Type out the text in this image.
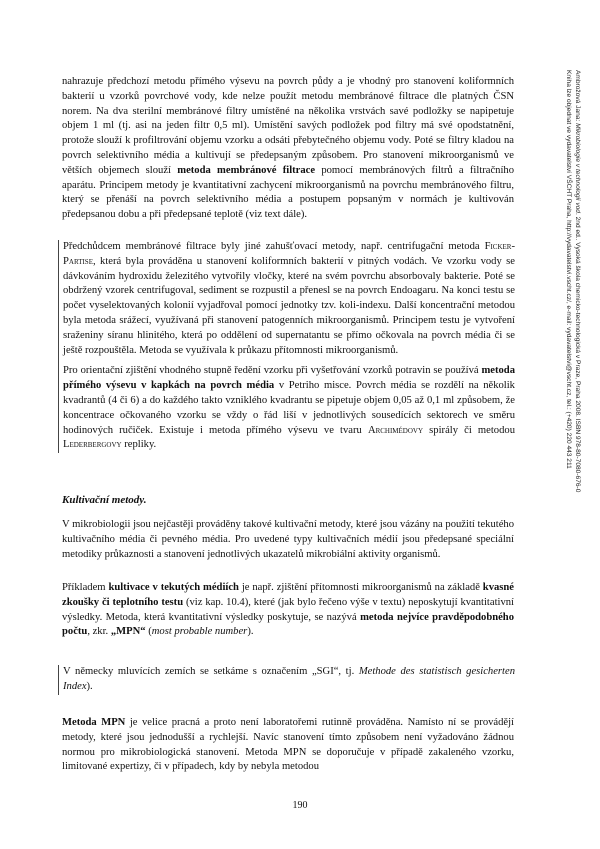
nahrazuje předchozí metodu přímého výsevu na povrch půdy a je vhodný pro stanovení koliformních bakterií u vzorků povrchové vody, kde nelze použít metodu membránové filtrace dle platných ČSN norem. Na dva sterilní membránové filtry umístěné na několika vrstvách savé podložky se napipetuje objem 1 ml (tj. asi na jeden filtr 0,5 ml). Umístění savých podložek pod filtry má své opodstatnění, protože slouží k profiltrování objemu vzorku a odsáti přebytečného objemu vody. Poté se filtry kladou na povrch selektivního média a kultivují se předepsaným způsobem. Pro stanovení mikroorganismů ve větších objemech slouží metoda membránové filtrace pomocí membránových filtrů a filtračního aparátu. Principem metody je kvantitativní zachycení mikroorganismů na povrchu membránového filtru, který se přenáší na povrch selektivního média a postupem popsaným v normách je kultivován předepsanou dobu a při předepsané teplotě (viz text dále).

Předchůdcem membránové filtrace byly jiné zahušťovací metody, např. centrifugační metoda Ficker-Partise, která byla prováděna u stanovení koliformních bakterií v pitných vodách. Ve vzorku vody se dávkováním hydroxidu železitého vytvořily vločky, které na svém povrchu absorbovaly bakterie. Poté se obdržený vzorek centrifugoval, sediment se rozpustil a přenesl se na povrch Endoagaru. Na konci testu se počet vyselektovaných kolonií vyjadřoval pomocí jednotky tzv. koli-indexu. Další koncentrační metodou byla metoda srážecí, využívaná při stanovení patogenních mikroorganismů. Principem testu je vytvoření sraženiny síranu hlinitého, která po oddělení od supernatantu se přímo očkovala na povrch média či se ještě rozpouštěla. Metoda se využívala k průkazu přítomnosti mikroorganismů.

Pro orientační zjištění vhodného stupně ředění vzorku při vyšetřování vzorků potravin se používá metoda přímého výsevu v kapkách na povrch média v Petriho misce. Povrch média se rozdělí na několik kvadrantů (4 či 6) a do každého takto vzniklého kvadrantu se pipetuje objem 0,05 až 0,1 ml způsobem, že koncentrace očkovaného vzorku se vždy o řád liší v jednotlivých sousedících sektorech ve směru hodinových ručiček. Existuje i metoda přímého výsevu ve tvaru Archimédovy spirály či metodou Lederbergovy repliky.

Kultivační metody.

V mikrobiologii jsou nejčastěji prováděny takové kultivační metody, které jsou vázány na použití tekutého kultivačního média či pevného média. Pro uvedené typy kultivačních médií jsou předepsané speciální metodiky průkaznosti a stanovení jednotlivých ukazatelů mikrobiální aktivity organismů.

Příkladem kultivace v tekutých médiích je např. zjištění přítomnosti mikroorganismů na základě kvasné zkoušky či teplotního testu (viz kap. 10.4), které (jak bylo řečeno výše v textu) neposkytují kvantitativní výsledky. Metoda, která kvantitativní výsledky poskytuje, se nazývá metoda nejvíce pravděpodobného počtu, zkr. „MPN“ (most probable number).

V německy mluvících zemích se setkáme s označením „SGI“, tj. Methode des statistisch gesicherten Index).

Metoda MPN je velice pracná a proto není laboratořemi rutinně prováděna. Namísto ní se provádějí metody, které jsou jednodušší a rychlejší. Navíc stanovení tímto způsobem není vyžadováno žádnou normou pro mikrobiologická stanovení. Metoda MPN se doporučuje v případě zakaleného vzorku, limitované expertizy, či v případech, kdy by nebyla metodou

190
Ambrožová Jana: Mikrobiologie v technologii vod. 2nd ed.. Vysoká škola chemicko-technologická v Praze, Praha 2008. ISBN 978-80-7080-676-0
Kniha lze objednat ve vydavatelství VŠCHT Praha, http://vydavatelstvi.vscht.cz/, e-mail: vydavatelstvi@vscht.cz, tel.: (+420) 220 443 211
